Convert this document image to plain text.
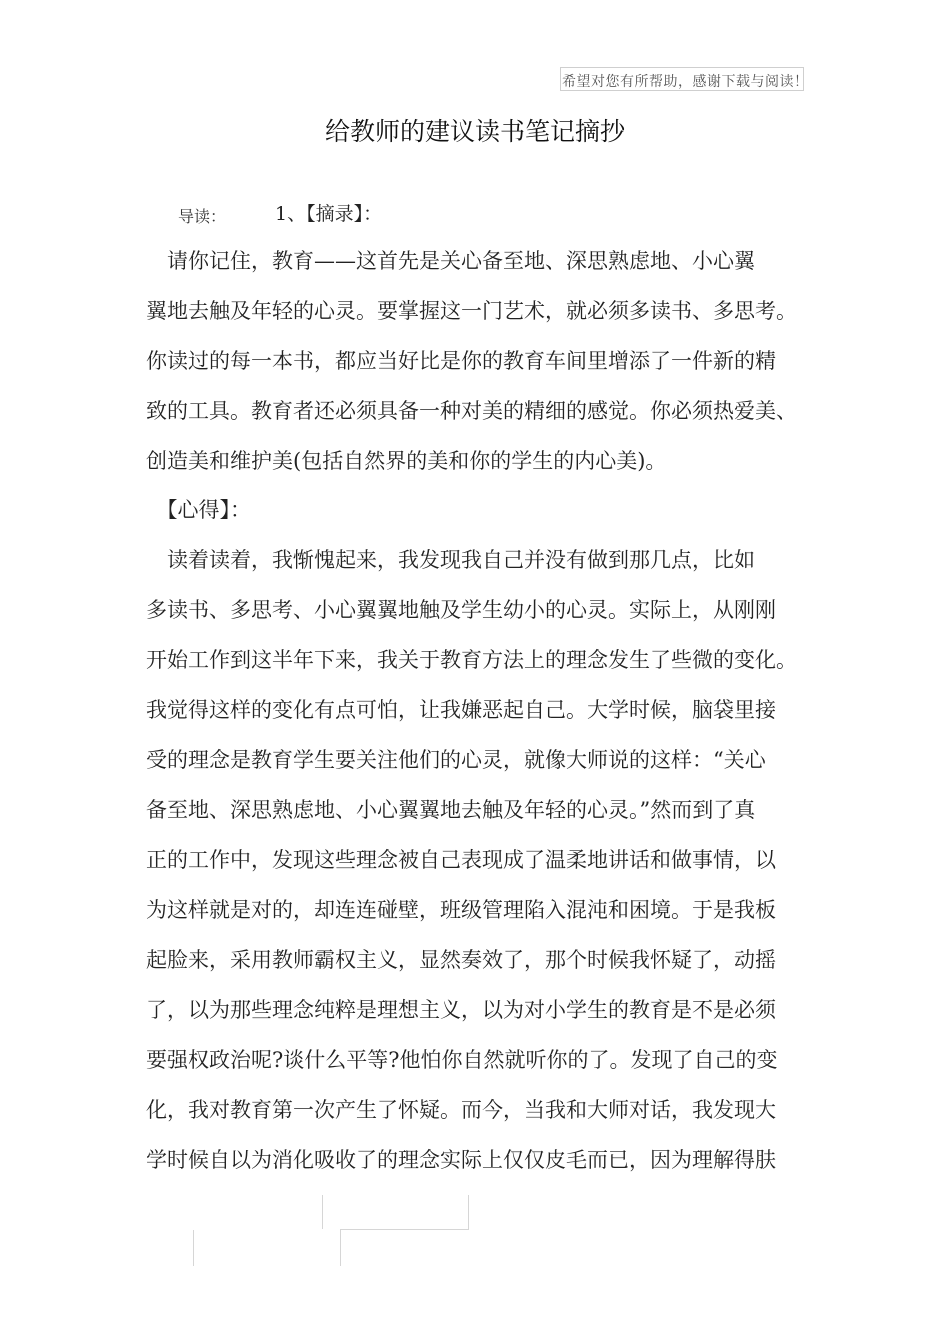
希望对您有所帮助，感谢下载与阅读！
给教师的建议读书笔记摘抄
导读：	1、【摘录】：
　请你记住，教育——这首先是关心备至地、深思熟虑地、小心翼
翼地去触及年轻的心灵。要掌握这一门艺术，就必须多读书、多思考。
你读过的每一本书，都应当好比是你的教育车间里增添了一件新的精
致的工具。教育者还必须具备一种对美的精细的感觉。你必须热爱美、
创造美和维护美(包括自然界的美和你的学生的内心美)。
　【心得】：
　读着读着，我惭愧起来，我发现我自己并没有做到那几点，比如
多读书、多思考、小心翼翼地触及学生幼小的心灵。实际上，从刚刚
开始工作到这半年下来，我关于教育方法上的理念发生了些微的变化。
我觉得这样的变化有点可怕，让我嫌恶起自己。大学时候，脑袋里接
受的理念是教育学生要关注他们的心灵，就像大师说的这样：“关心
备至地、深思熟虑地、小心翼翼地去触及年轻的心灵。”然而到了真
正的工作中，发现这些理念被自己表现成了温柔地讲话和做事情，以
为这样就是对的，却连连碰壁，班级管理陷入混沌和困境。于是我板
起脸来，采用教师霸权主义，显然奏效了，那个时候我怀疑了，动摇
了，以为那些理念纯粹是理想主义，以为对小学生的教育是不是必须
要强权政治呢?谈什么平等?他怕你自然就听你的了。发现了自己的变
化，我对教育第一次产生了怀疑。而今，当我和大师对话，我发现大
学时候自以为消化吸收了的理念实际上仅仅皮毛而已，因为理解得肤
